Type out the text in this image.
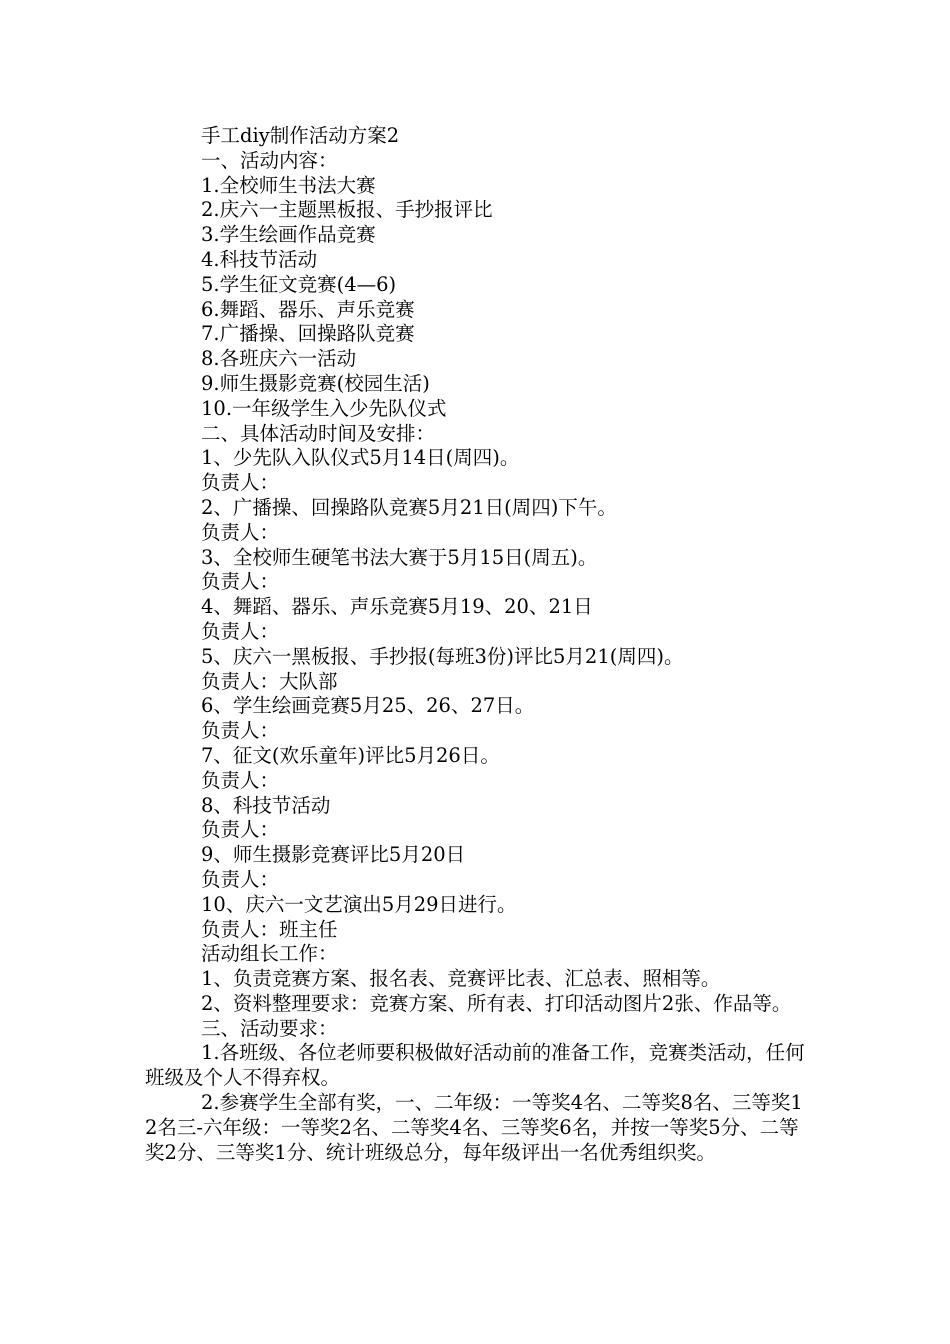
手工diy制作活动方案2
一、活动内容：
1.全校师生书法大赛
2.庆六一主题黑板报、手抄报评比
3.学生绘画作品竞赛
4.科技节活动
5.学生征文竞赛(4—6)
6.舞蹈、器乐、声乐竞赛
7.广播操、回操路队竞赛
8.各班庆六一活动
9.师生摄影竞赛(校园生活)
10.一年级学生入少先队仪式
二、具体活动时间及安排：
1、少先队入队仪式5月14日(周四)。
负责人：
2、广播操、回操路队竞赛5月21日(周四)下午。
负责人：
3、全校师生硬笔书法大赛于5月15日(周五)。
负责人：
4、舞蹈、器乐、声乐竞赛5月19、20、21日
负责人：
5、庆六一黑板报、手抄报(每班3份)评比5月21(周四)。
负责人：大队部
6、学生绘画竞赛5月25、26、27日。
负责人：
7、征文(欢乐童年)评比5月26日。
负责人：
8、科技节活动
负责人：
9、师生摄影竞赛评比5月20日
负责人：
10、庆六一文艺演出5月29日进行。
负责人：班主任
活动组长工作：
1、负责竞赛方案、报名表、竞赛评比表、汇总表、照相等。
2、资料整理要求：竞赛方案、所有表、打印活动图片2张、作品等。
三、活动要求：
1.各班级、各位老师要积极做好活动前的准备工作，竞赛类活动，任何班级及个人不得弃权。
2.参赛学生全部有奖，一、二年级：一等奖4名、二等奖8名、三等奖12名三-六年级：一等奖2名、二等奖4名、三等奖6名，并按一等奖5分、二等奖2分、三等奖1分、统计班级总分，每年级评出一名优秀组织奖。
